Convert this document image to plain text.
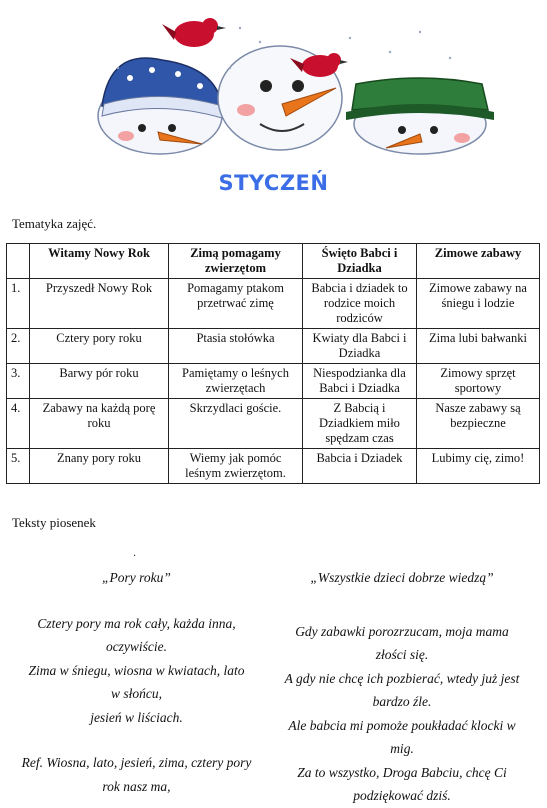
STYCZEŃ
Tematyka zajęć.
	Witamy Nowy Rok	Zimą pomagamy zwierzętom	Święto Babci i Dziadka	Zimowe zabawy
1.	Przyszedł Nowy Rok	Pomagamy ptakom przetrwać zimę	Babcia i dziadek to rodzice moich rodziców	Zimowe zabawy na śniegu i lodzie
2.	Cztery pory roku	Ptasia stołówka	Kwiaty dla Babci i Dziadka	Zima lubi bałwanki
3.	Barwy pór roku	Pamiętamy o leśnych zwierzętach	Niespodzianka dla Babci i Dziadka	Zimowy sprzęt sportowy
4.	Zabawy na każdą porę roku	Skrzydlaci goście.	Z Babcią i Dziadkiem miło spędzam czas	Nasze zabawy są bezpieczne
5.	Znany pory roku	Wiemy jak pomóc leśnym zwierzętom.	Babcia i Dziadek	Lubimy cię, zimo!
Teksty piosenek
.
„Pory roku”

Cztery pory ma rok cały, każda inna,

oczywiście.

Zima w śniegu, wiosna w kwiatach, lato

w słońcu,

jesień w liściach.

Ref. Wiosna, lato, jesień, zima, cztery pory

rok nasz ma,

„Wszystkie dzieci dobrze wiedzą”

Gdy zabawki porozrzucam, moja mama

złości się.

A gdy nie chcę ich pozbierać, wtedy już jest

bardzo źle.

Ale babcia mi pomoże poukładać klocki w

mig.

Za to wszystko, Droga Babciu, chcę Ci

podziękować dziś.
